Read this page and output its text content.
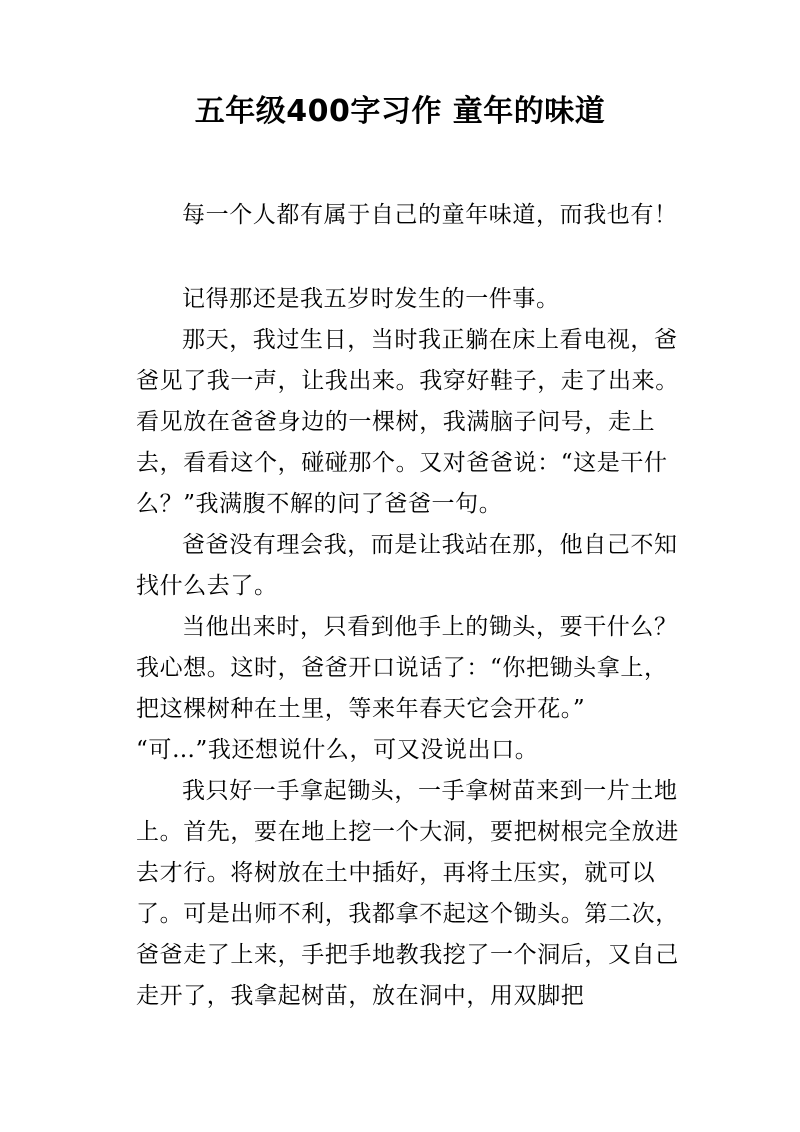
五年级400字习作 童年的味道

每一个人都有属于自己的童年味道，而我也有！

记得那还是我五岁时发生的一件事。

那天，我过生日，当时我正躺在床上看电视，爸爸见了我一声，让我出来。我穿好鞋子，走了出来。看见放在爸爸身边的一棵树，我满脑子问号，走上去，看看这个，碰碰那个。又对爸爸说：“这是干什么？”我满腹不解的问了爸爸一句。

爸爸没有理会我，而是让我站在那，他自己不知找什么去了。

当他出来时，只看到他手上的锄头，要干什么？我心想。这时，爸爸开口说话了：“你把锄头拿上，把这棵树种在土里，等来年春天它会开花。”

“可…”我还想说什么，可又没说出口。

我只好一手拿起锄头，一手拿树苗来到一片土地上。首先，要在地上挖一个大洞，要把树根完全放进去才行。将树放在土中插好，再将土压实，就可以了。可是出师不利，我都拿不起这个锄头。第二次，爸爸走了上来，手把手地教我挖了一个洞后，又自己走开了，我拿起树苗，放在洞中，用双脚把
